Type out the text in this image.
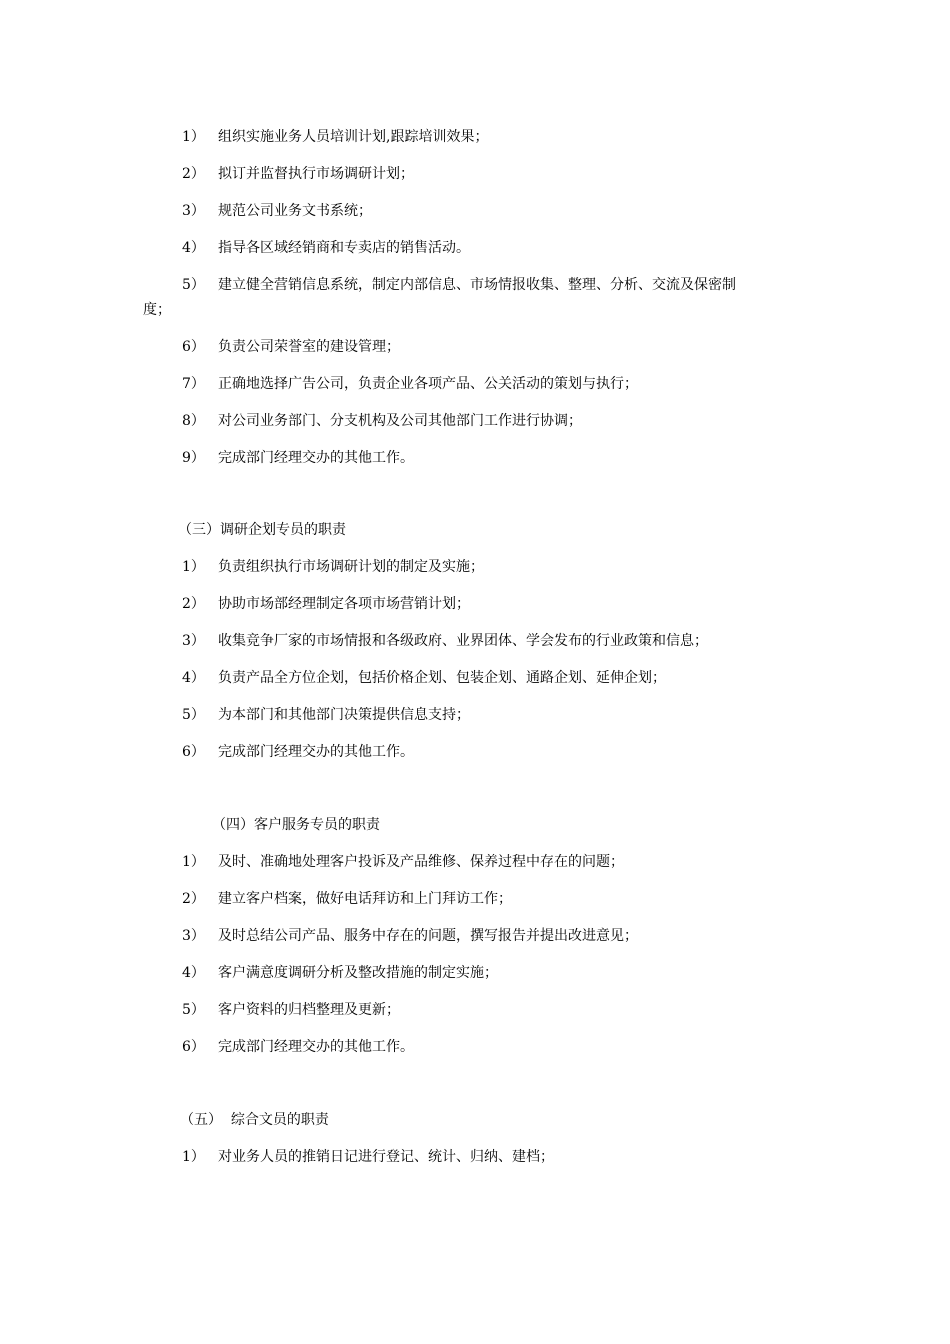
1） 组织实施业务人员培训计划,跟踪培训效果；
2） 拟订并监督执行市场调研计划；
3） 规范公司业务文书系统；
4） 指导各区域经销商和专卖店的销售活动。
5） 建立健全营销信息系统，制定内部信息、市场情报收集、整理、分析、交流及保密制
度；
6） 负责公司荣誉室的建设管理；
7） 正确地选择广告公司，负责企业各项产品、公关活动的策划与执行；
8） 对公司业务部门、分支机构及公司其他部门工作进行协调；
9） 完成部门经理交办的其他工作。
（三）调研企划专员的职责
1） 负责组织执行市场调研计划的制定及实施；
2） 协助市场部经理制定各项市场营销计划；
3） 收集竞争厂家的市场情报和各级政府、业界团体、学会发布的行业政策和信息；
4） 负责产品全方位企划，包括价格企划、包装企划、通路企划、延伸企划；
5） 为本部门和其他部门决策提供信息支持；
6） 完成部门经理交办的其他工作。
（四）客户服务专员的职责
1） 及时、准确地处理客户投诉及产品维修、保养过程中存在的问题；
2） 建立客户档案，做好电话拜访和上门拜访工作；
3） 及时总结公司产品、服务中存在的问题，撰写报告并提出改进意见；
4） 客户满意度调研分析及整改措施的制定实施；
5） 客户资料的归档整理及更新；
6） 完成部门经理交办的其他工作。
（五）  综合文员的职责
1） 对业务人员的推销日记进行登记、统计、归纳、建档；
